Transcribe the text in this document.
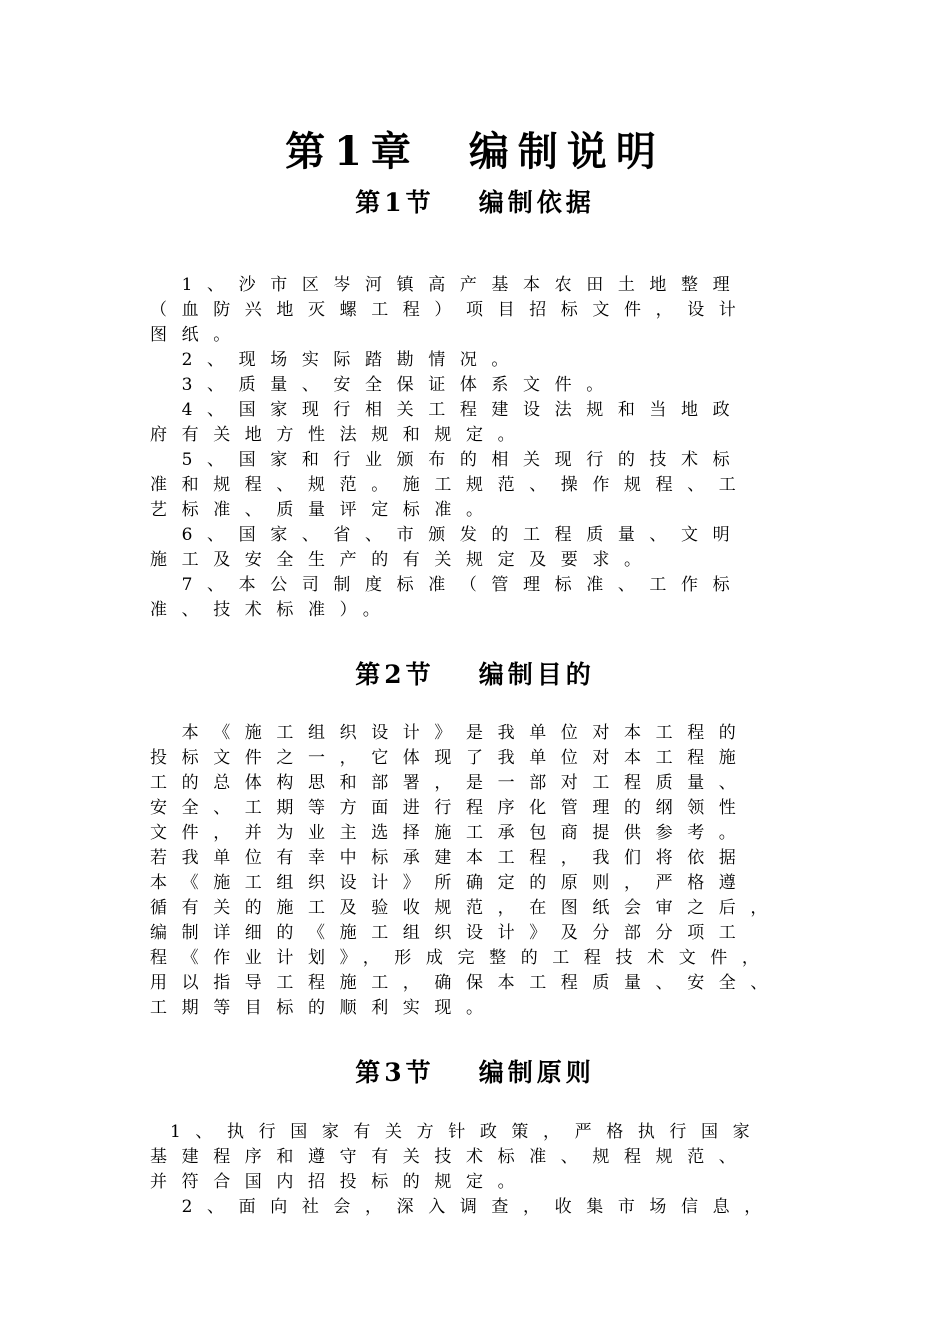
第1章　编制说明
第1节 编制依据
　1、沙市区岑河镇高产基本农田土地整理
（血防兴地灭螺工程）项目招标文件，设计
图纸。
　2、现场实际踏勘情况。
　3、质量、安全保证体系文件。
　4、国家现行相关工程建设法规和当地政
府有关地方性法规和规定。
　5、国家和行业颁布的相关现行的技术标
准和规程、规范。施工规范、操作规程、工
艺标准、质量评定标准。
　6、国家、省、市颁发的工程质量、文明
施工及安全生产的有关规定及要求。
　7、本公司制度标准（管理标准、工作标
准、技术标准）。
第2节 编制目的
　本《施工组织设计》是我单位对本工程的
投标文件之一，它体现了我单位对本工程施
工的总体构思和部署，是一部对工程质量、
安全、工期等方面进行程序化管理的纲领性
文件，并为业主选择施工承包商提供参考。
若我单位有幸中标承建本工程，我们将依据
本《施工组织设计》所确定的原则，严格遵
循有关的施工及验收规范，在图纸会审之后，
编制详细的《施工组织设计》及分部分项工
程《作业计划》，形成完整的工程技术文件，
用以指导工程施工，确保本工程质量、安全、
工期等目标的顺利实现。
第3节 编制原则
1、执行国家有关方针政策，严格执行国家
基建程序和遵守有关技术标准、规程规范、
并符合国内招投标的规定。
　2、面向社会，深入调查，收集市场信息，
